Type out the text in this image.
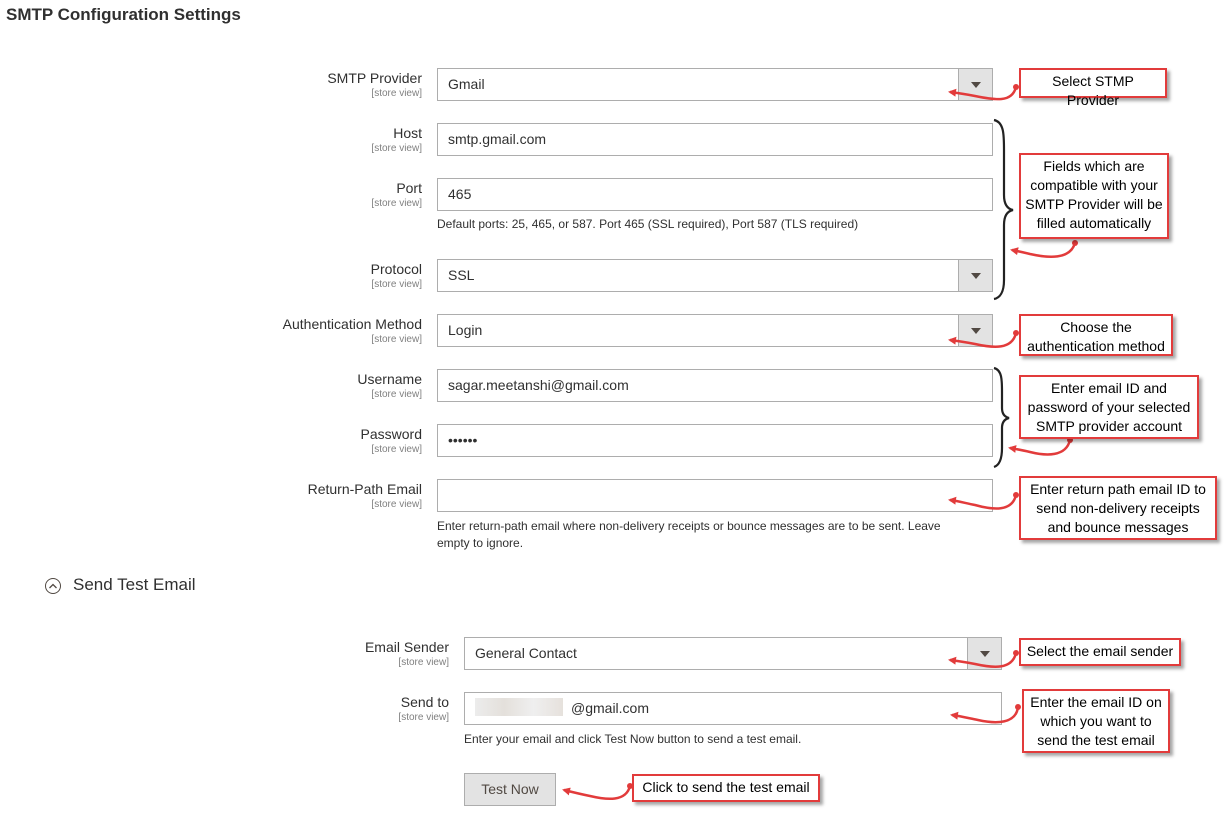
SMTP Configuration Settings
SMTP Provider
[store view]
Gmail
Host
[store view]
smtp.gmail.com
Port
[store view]
465
Default ports: 25, 465, or 587. Port 465 (SSL required), Port 587 (TLS required)
Protocol
[store view]
SSL
Authentication Method
[store view]
Login
Username
[store view]
sagar.meetanshi@gmail.com
Password
[store view]
••••••
Return-Path Email
[store view]
Enter return-path email where non-delivery receipts or bounce messages are to be sent. Leave
empty to ignore.
Send Test Email
Email Sender
[store view]
General Contact
Send to
[store view]
@gmail.com
Enter your email and click Test Now button to send a test email.
Test Now
Select STMP Provider
Fields which are
compatible with your
SMTP Provider will be
filled automatically
Choose the
authentication method
Enter email ID and
password of your selected
SMTP provider account
Enter return path email ID to
send non-delivery receipts
and bounce messages
Select the email sender
Enter the email ID on
which you want to
send the test email
Click to send the test email
